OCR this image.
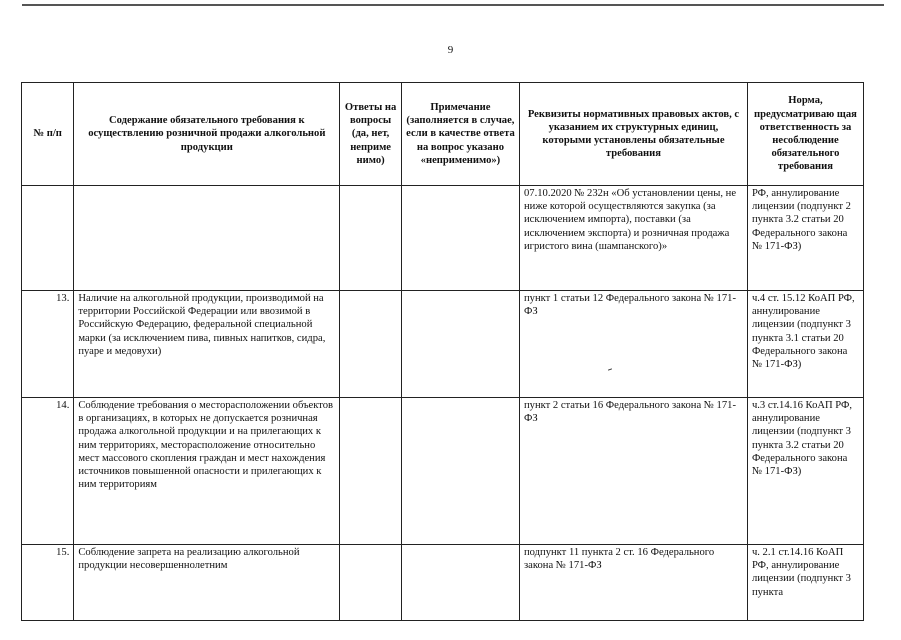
9
№ п/п	Содержание обязательного требования к осуществлению розничной продажи алкогольной продукции	Ответы на вопросы (да, нет, неприме нимо)	Примечание (заполняется в случае, если в качестве ответа на вопрос указано «неприменимо»)	Реквизиты нормативных правовых актов, с указанием их структурных единиц, которыми установлены обязательные требования	Норма, предусматриваю щая ответственность за несоблюдение обязательного требования
				07.10.2020 № 232н «Об установлении цены, не ниже которой осуществляются закупка (за исключением импорта), поставки (за исключением экспорта) и розничная продажа игристого вина (шампанского)»	РФ, аннулирование лицензии (подпункт 2 пункта 3.2 статьи 20 Федерального закона № 171-ФЗ)
13.	Наличие на алкогольной продукции, производимой на территории Российской Федерации или ввозимой в Российскую Федерацию, федеральной специальной марки (за исключением пива, пивных напитков, сидра, пуаре и медовухи)			пункт 1 статьи 12 Федерального закона № 171-ФЗ	ч.4 ст. 15.12 КоАП РФ, аннулирование лицензии (подпункт 3 пункта 3.1 статьи 20 Федерального закона № 171-ФЗ)
14.	Соблюдение требования о месторасположении объектов в организациях, в которых не допускается розничная продажа алкогольной продукции и на прилегающих к ним территориях, месторасположение относительно мест массового скопления граждан и мест нахождения источников повышенной опасности и прилегающих к ним территориям			пункт 2 статьи 16 Федерального закона № 171-ФЗ	ч.3 ст.14.16 КоАП РФ, аннулирование лицензии (подпункт 3 пункта 3.2 статьи 20 Федерального закона № 171-ФЗ)
15.	Соблюдение запрета на реализацию алкогольной продукции несовершеннолетним			подпункт 11 пункта 2 ст. 16 Федерального закона № 171-ФЗ	ч. 2.1 ст.14.16 КоАП РФ, аннулирование лицензии (подпункт 3 пункта
